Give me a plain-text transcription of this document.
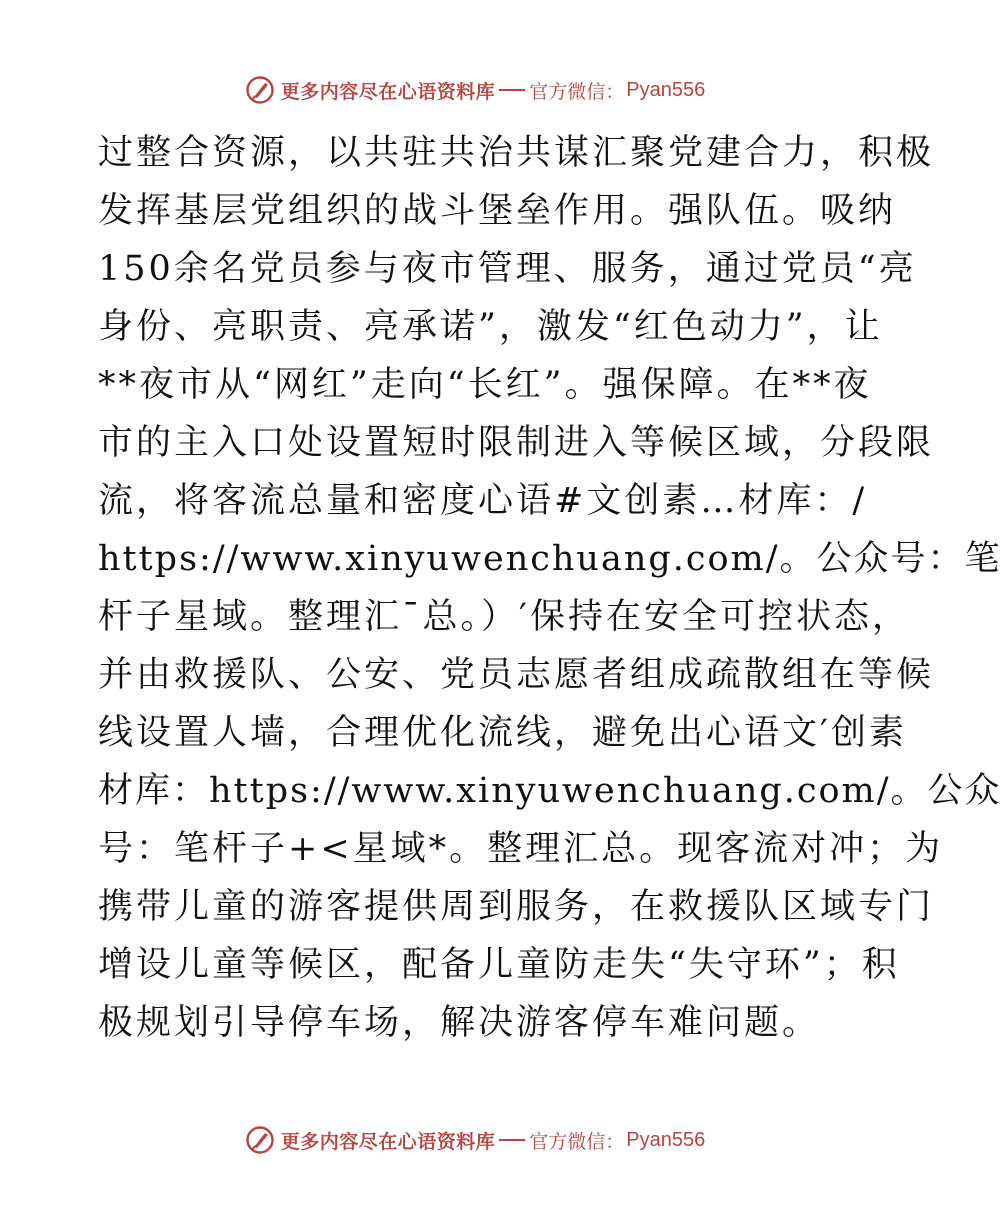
更多内容尽在心语资料库 官方微信： Pyan556
过整合资源，以共驻共治共谋汇聚党建合力，积极
发挥基层党组织的战斗堡垒作用。强队伍。吸纳
150余名党员参与夜市管理、服务，通过党员“亮
身份、亮职责、亮承诺”，激发“红色动力”，让
**夜市从“网红”走向“长红”。强保障。在**夜
市的主入口处设置短时限制进入等候区域，分段限
流，将客流总量和密度心语#文创素…材库：/
https://www.xinyuwenchuang.com/。公众号：笔
杆子星域。整理汇¯总。）′保持在安全可控状态，
并由救援队、公安、党员志愿者组成疏散组在等候
线设置人墙，合理优化流线，避免出心语文′创素
材库：https://www.xinyuwenchuang.com/。公众
号：笔杆子+<星域*。整理汇总。现客流对冲；为
携带儿童的游客提供周到服务，在救援队区域专门
增设儿童等候区，配备儿童防走失“失守环”；积
极规划引导停车场，解决游客停车难问题。
更多内容尽在心语资料库 官方微信： Pyan556
